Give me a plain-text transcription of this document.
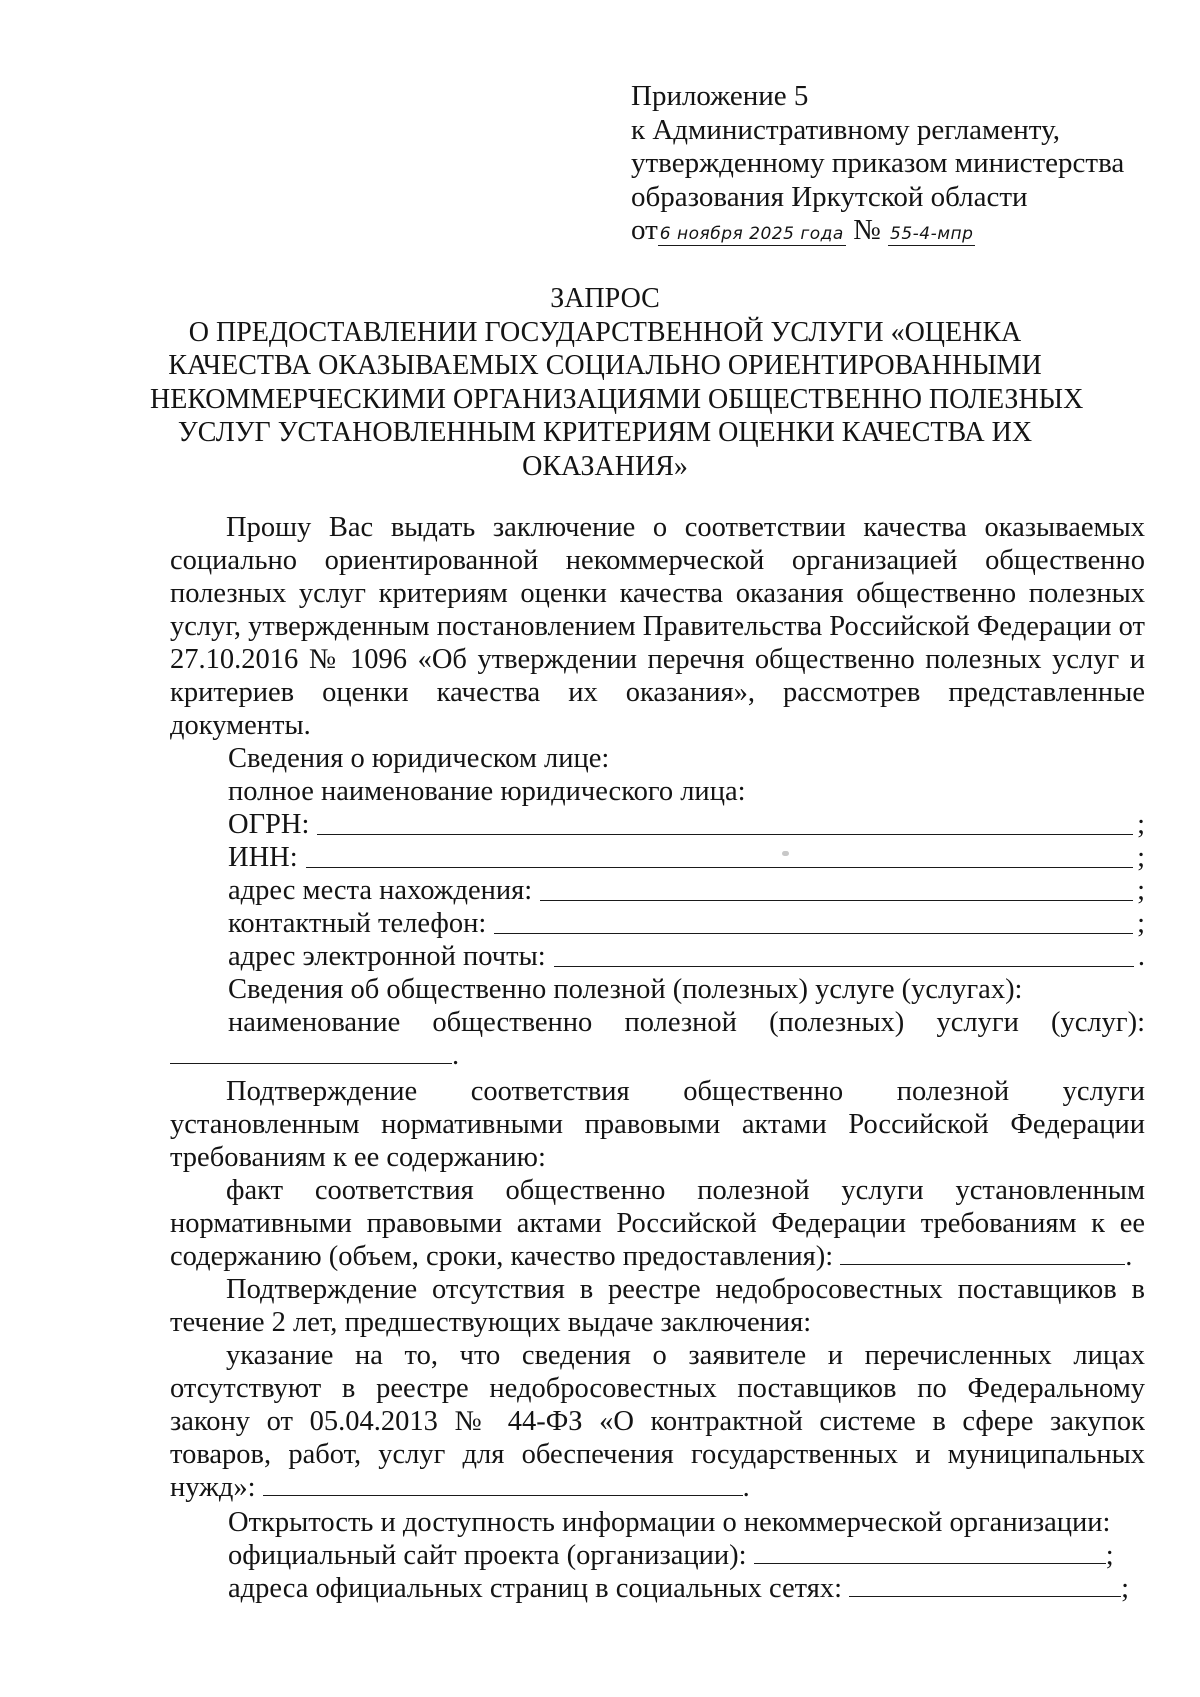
Приложение 5
к Административному регламенту,
утвержденному приказом министерства
образования Иркутской области
от 6 ноября 2025 года № 55-4-мпр
ЗАПРОС
О ПРЕДОСТАВЛЕНИИ ГОСУДАРСТВЕННОЙ УСЛУГИ «ОЦЕНКА
КАЧЕСТВА ОКАЗЫВАЕМЫХ СОЦИАЛЬНО ОРИЕНТИРОВАННЫМИ
НЕКОММЕРЧЕСКИМИ ОРГАНИЗАЦИЯМИ ОБЩЕСТВЕННО ПОЛЕЗНЫХ
УСЛУГ УСТАНОВЛЕННЫМ КРИТЕРИЯМ ОЦЕНКИ КАЧЕСТВА ИХ
ОКАЗАНИЯ»
Прошу Вас выдать заключение о соответствии качества оказываемых социально ориентированной некоммерческой организацией общественно полезных услуг критериям оценки качества оказания общественно полезных услуг, утвержденным постановлением Правительства Российской Федерации от 27.10.2016 № 1096 «Об утверждении перечня общественно полезных услуг и критериев оценки качества их оказания», рассмотрев представленные документы.
Сведения о юридическом лице:
полное наименование юридического лица:
ОГРН:	;
ИНН:	;
адрес места нахождения:	;
контактный телефон:	;
адрес электронной почты:	.
Сведения об общественно полезной (полезных) услуге (услугах):
наименование общественно полезной (полезных) услуги (услуг):
.
Подтверждение соответствия общественно полезной услуги установленным нормативными правовыми актами Российской Федерации требованиям к ее содержанию:
факт соответствия общественно полезной услуги установленным нормативными правовыми актами Российской Федерации требованиям к ее содержанию (объем, сроки, качество предоставления):	.
Подтверждение отсутствия в реестре недобросовестных поставщиков в течение 2 лет, предшествующих выдаче заключения:
указание на то, что сведения о заявителе и перечисленных лицах отсутствуют в реестре недобросовестных поставщиков по Федеральному закону от 05.04.2013 № 44-ФЗ «О контрактной системе в сфере закупок товаров, работ, услуг для обеспечения государственных и муниципальных нужд»:	.
Открытость и доступность информации о некоммерческой организации:
официальный сайт проекта (организации):	;
адреса официальных страниц в социальных сетях:	;
